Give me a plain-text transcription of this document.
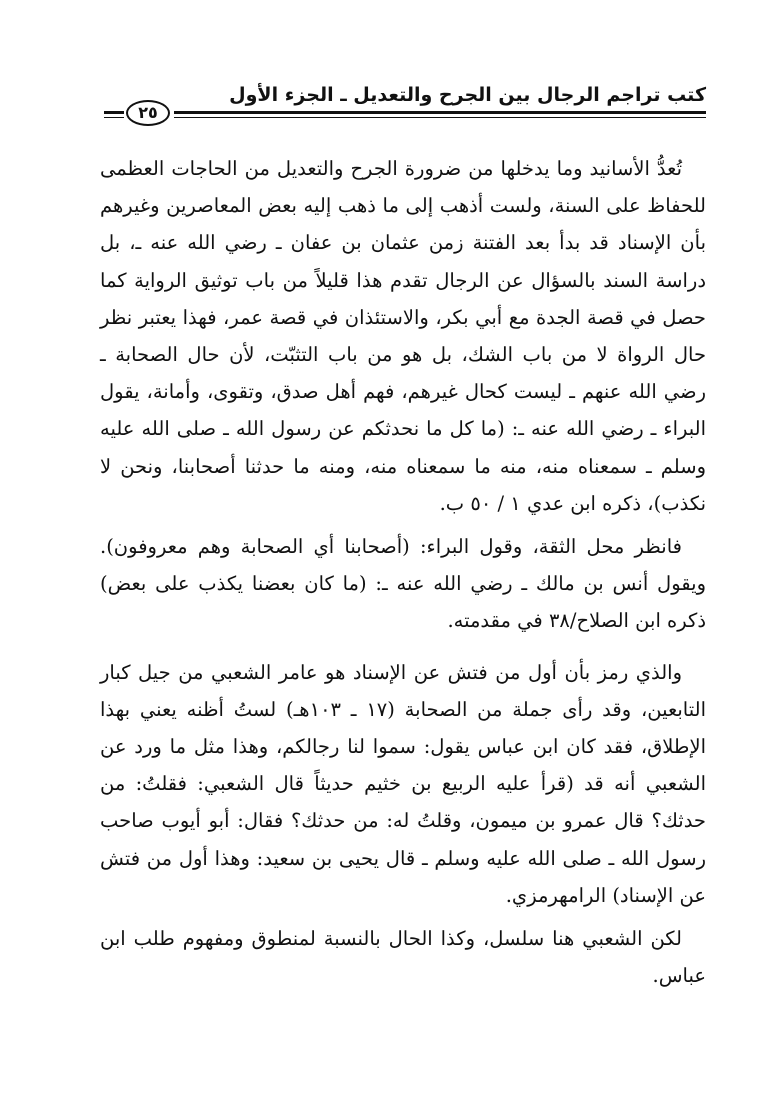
كتب تراجم الرجال بين الجرح والتعديل ـ الجزء الأول
٢٥

تُعدُّ الأسانيد وما يدخلها من ضرورة الجرح والتعديل من الحاجات العظمى للحفاظ على السنة، ولست أذهب إلى ما ذهب إليه بعض المعاصرين وغيرهم بأن الإسناد قد بدأ بعد الفتنة زمن عثمان بن عفان ـ رضي الله عنه ـ، بل دراسة السند بالسؤال عن الرجال تقدم هذا قليلاً من باب توثيق الرواية كما حصل في قصة الجدة مع أبي بكر، والاستئذان في قصة عمر، فهذا يعتبر نظر حال الرواة لا من باب الشك، بل هو من باب التثبّت، لأن حال الصحابة ـ رضي الله عنهم ـ ليست كحال غيرهم، فهم أهل صدق، وتقوى، وأمانة، يقول البراء ـ رضي الله عنه ـ: (ما كل ما نحدثكم عن رسول الله ـ صلى الله عليه وسلم ـ سمعناه منه، منه ما سمعناه منه، ومنه ما حدثنا أصحابنا، ونحن لا نكذب)، ذكره ابن عدي ١ / ٥٠ ب.

فانظر محل الثقة، وقول البراء: (أصحابنا أي الصحابة وهم معروفون). ويقول أنس بن مالك ـ رضي الله عنه ـ: (ما كان بعضنا يكذب على بعض) ذكره ابن الصلاح/٣٨ في مقدمته.

والذي رمز بأن أول من فتش عن الإسناد هو عامر الشعبي من جيل كبار التابعين، وقد رأى جملة من الصحابة (١٧ ـ ١٠٣هـ) لستُ أظنه يعني بهذا الإطلاق، فقد كان ابن عباس يقول: سموا لنا رجالكم، وهذا مثل ما ورد عن الشعبي أنه قد (قرأ عليه الربيع بن خثيم حديثاً قال الشعبي: فقلتُ: من حدثك؟ قال عمرو بن ميمون، وقلتُ له: من حدثك؟ فقال: أبو أيوب صاحب رسول الله ـ صلى الله عليه وسلم ـ قال يحيى بن سعيد: وهذا أول من فتش عن الإسناد) الرامهرمزي.

لكن الشعبي هنا سلسل، وكذا الحال بالنسبة لمنطوق ومفهوم طلب ابن عباس.
